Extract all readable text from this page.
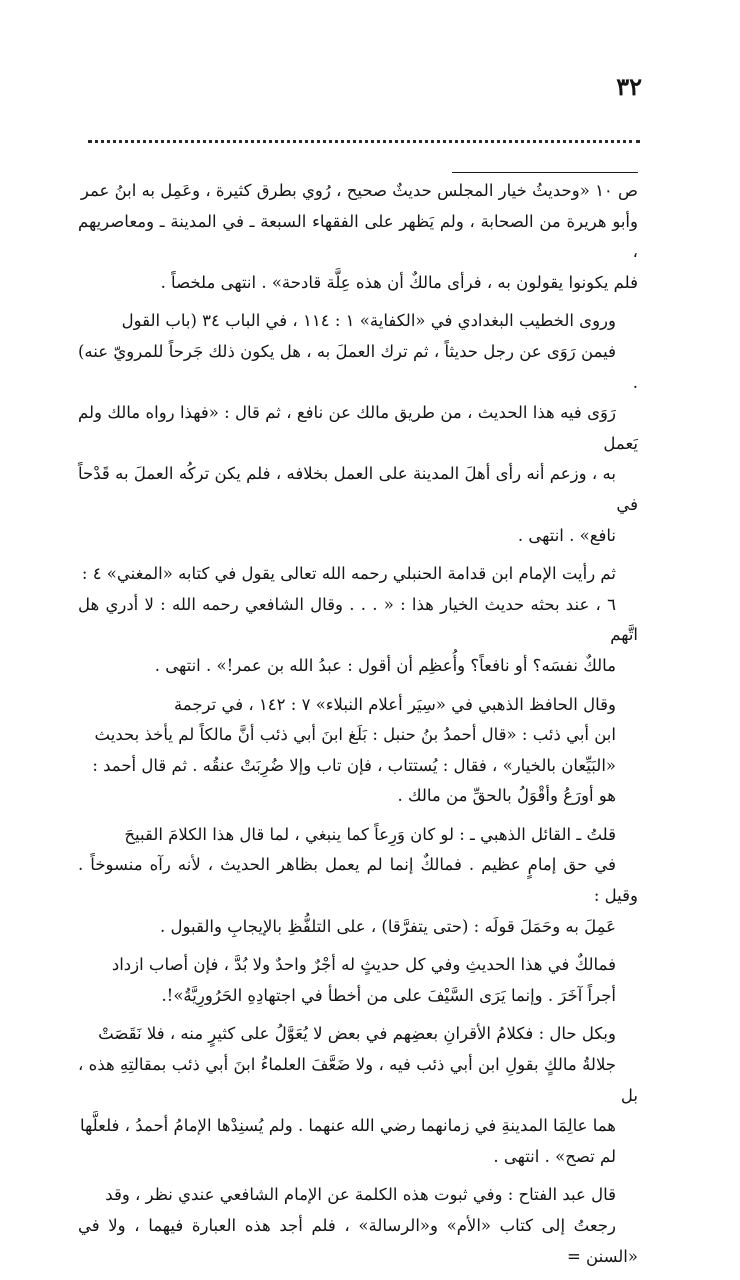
٣٢

ص ١٠ «وحديثُ خيار المجلس حديثٌ صحيح ، رُوي بطرق كثيرة ، وعَمِل به ابنُ عمر
وأبو هريرة من الصحابة ، ولم يَظهر على الفقهاء السبعة ـ في المدينة ـ ومعاصريهم ،
فلم يكونوا يقولون به ، فرأى مالكٌ أن هذه عِلَّة قادحة» . انتهى ملخصاً .

وروى الخطيب البغدادي في «الكفاية» ١ : ١١٤ ، في الباب ٣٤ (باب القول
فيمن رَوَى عن رجل حديثاً ، ثم ترك العملَ به ، هل يكون ذلك جَرحاً للمرويّ عنه) .
رَوَى فيه هذا الحديث ، من طريق مالك عن نافع ، ثم قال : «فهذا رواه مالك ولم يَعمل
به ، وزعم أنه رأى أهلَ المدينة على العمل بخلافه ، فلم يكن تركُه العملَ به قَدْحاً في
نافع» . انتهى .

ثم رأيت الإمام ابن قدامة الحنبلي رحمه الله تعالى يقول في كتابه «المغني» ٤ :
٦ ، عند بحثه حديث الخيار هذا : « . . . وقال الشافعي رحمه الله : لا أدري هل اتَّهم
مالكٌ نفسَه؟ أو نافعاً؟ وأُعظِم أن أقول : عبدُ الله بن عمر!» . انتهى .

وقال الحافظ الذهبي في «سِيَر أعلام النبلاء» ٧ : ١٤٢ ، في ترجمة
ابن أبي ذئب : «قال أحمدُ بنُ حنبل : بَلَغ ابنَ أبي ذئب أنَّ مالكاً لم يأخذ بحديث
«البَيِّعان بالخيار» ، فقال : يُستتاب ، فإن تاب وإلا ضُرِبَتْ عنقُه . ثم قال أحمد :
هو أورَعُ وأقْوَلُ بالحقِّ من مالك .

قلتُ ـ القائل الذهبي ـ : لو كان وَرِعاً كما ينبغي ، لما قال هذا الكلامَ القبيحَ
في حق إمامٍ عظيم . فمالكٌ إنما لم يعمل بظاهر الحديث ، لأنه رآه منسوخاً . وقيل :
عَمِلَ به وحَمَلَ قولَه : (حتى يتفرَّقا) ، على التلفُّظِ بالإيجابِ والقبول .

فمالكٌ في هذا الحديثِ وفي كل حديثٍ له أجْرٌ واحدٌ ولا بُدَّ ، فإن أصاب ازداد
أجراً آخَرَ . وإنما يَرَى السَّيْفَ على من أخطأ في اجتهادِهِ الحَرُورِيَّةُ»!.

وبكل حال : فكلامُ الأقرانِ بعضِهم في بعض لا يُعَوَّلُ على كثيرٍ منه ، فلا نَقَصَتْ
جلالةُ مالكٍ بقولِ ابن أبي ذئب فيه ، ولا ضَعَّفَ العلماءُ ابنَ أبي ذئب بمقالتِهِ هذه ، بل
هما عالِمَا المدينةِ في زمانهما رضي الله عنهما . ولم يُسنِدْها الإمامُ أحمدُ ، فلعلَّها
لم تصح» . انتهى .

قال عبد الفتاح : وفي ثبوت هذه الكلمة عن الإمام الشافعي عندي نظر ، وقد
رجعتُ إلى كتاب «الأم» و«الرسالة» ، فلم أجد هذه العبارة فيهما ، ولا في «السنن =
